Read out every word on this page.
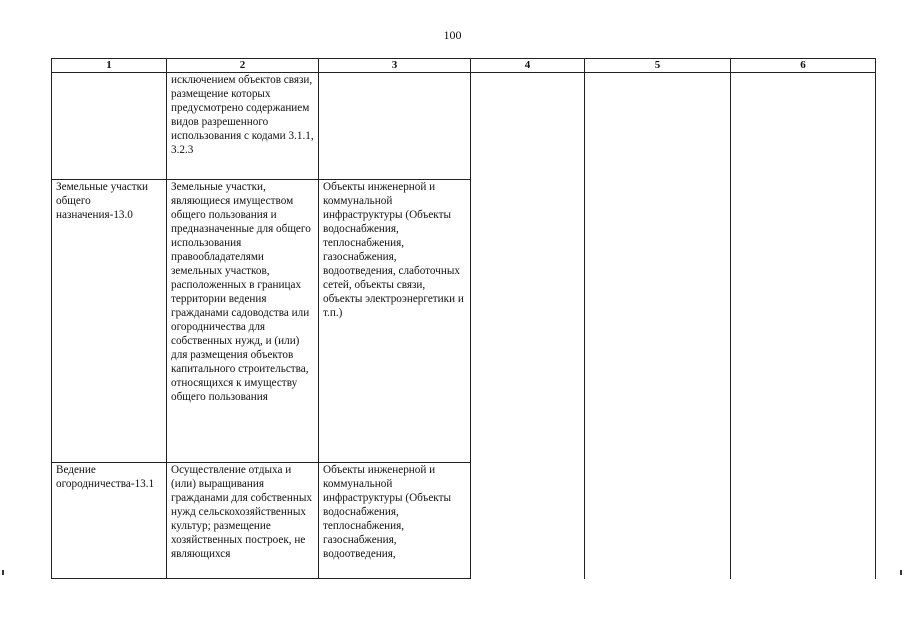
100
1	2	3	4	5	6
	исключением объектов связи, размещение которых предусмотрено содержанием видов разрешенного использования с кодами 3.1.1, 3.2.3				
Земельные участки общего назначения-13.0	Земельные участки, являющиеся имуществом общего пользования и предназначенные для общего использования правообладателями земельных участков, расположенных в границах территории ведения гражданами садоводства или огородничества для собственных нужд, и (или) для размещения объектов капитального строительства, относящихся к имуществу общего пользования	Объекты инженерной и коммунальной инфраструктуры (Объекты водоснабжения, теплоснабжения, газоснабжения, водоотведения, слаботочных сетей, объекты связи, объекты электроэнергетики и т.п.)			
Ведение огородничества-13.1	Осуществление отдыха и (или) выращивания гражданами для собственных нужд сельскохозяйственных культур; размещение хозяйственных построек, не являющихся	Объекты инженерной и коммунальной инфраструктуры (Объекты водоснабжения, теплоснабжения, газоснабжения, водоотведения,			
